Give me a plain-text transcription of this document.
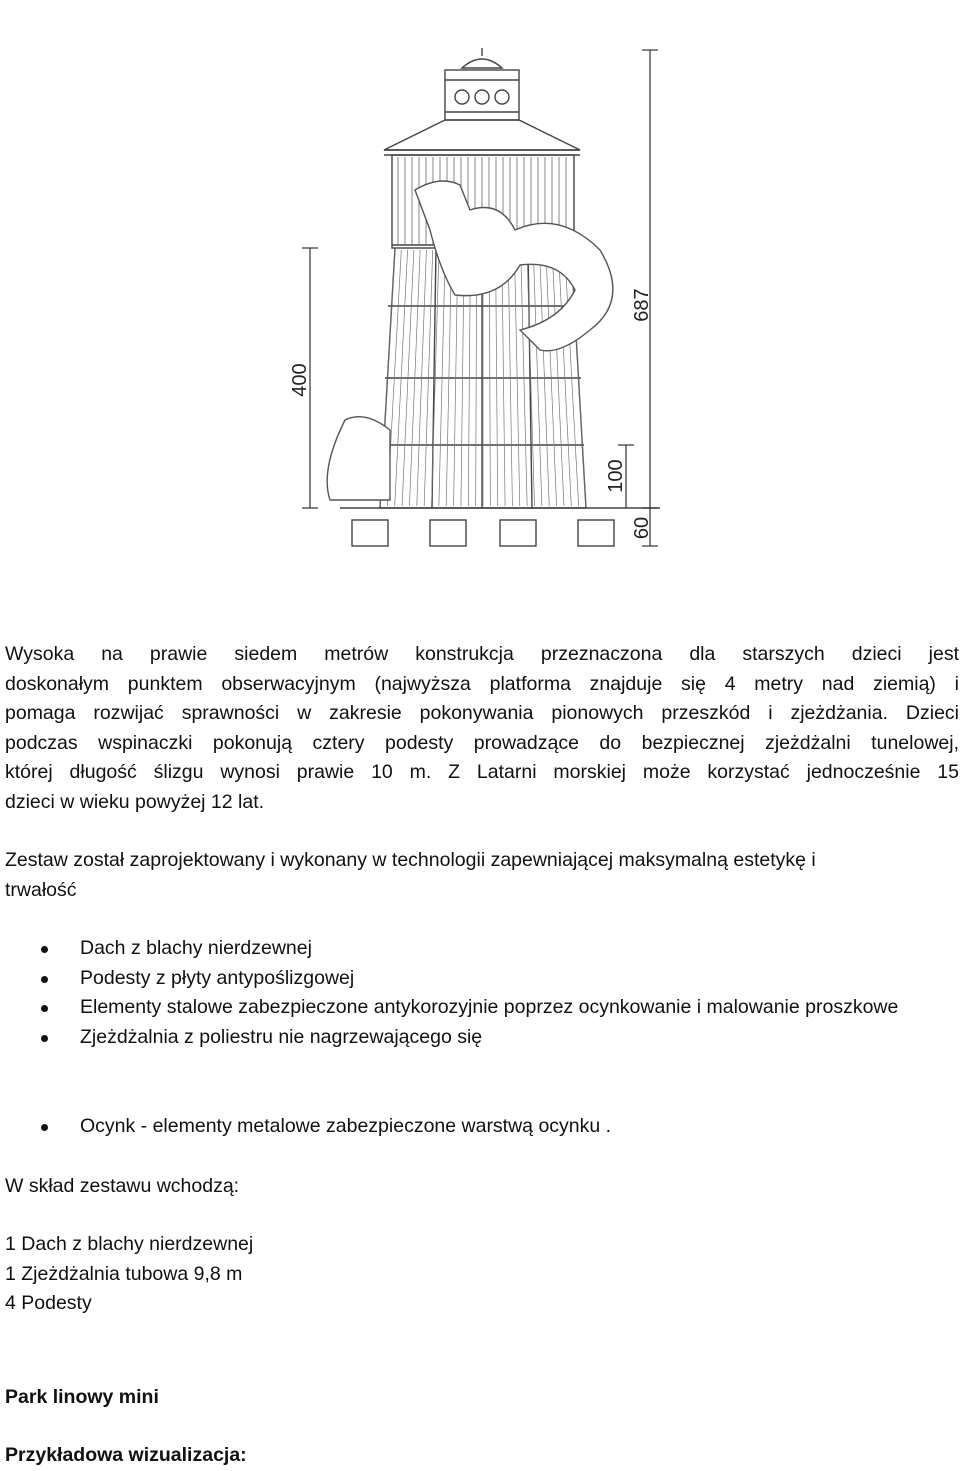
687
400
100
60
Wysoka na prawie siedem metrów konstrukcja przeznaczona dla starszych dzieci jest
doskonałym punktem obserwacyjnym (najwyższa platforma znajduje się 4 metry nad ziemią) i
pomaga rozwijać sprawności w zakresie pokonywania pionowych przeszkód i zjeżdżania. Dzieci
podczas wspinaczki pokonują cztery podesty prowadzące do bezpiecznej zjeżdżalni tunelowej,
której długość ślizgu wynosi prawie 10 m. Z Latarni morskiej może korzystać jednocześnie 15
dzieci w wieku powyżej 12 lat.
Zestaw został zaprojektowany i wykonany w technologii zapewniającej maksymalną estetykę i
trwałość
Dach z blachy nierdzewnej
Podesty z płyty antypoślizgowej
Elementy stalowe zabezpieczone antykorozyjnie poprzez ocynkowanie i malowanie proszkowe
Zjeżdżalnia z poliestru nie nagrzewającego się
Ocynk - elementy metalowe zabezpieczone warstwą ocynku .
W skład zestawu wchodzą:
1 Dach z blachy nierdzewnej
1 Zjeżdżalnia tubowa 9,8 m
4 Podesty
Park linowy mini
Przykładowa wizualizacja:
